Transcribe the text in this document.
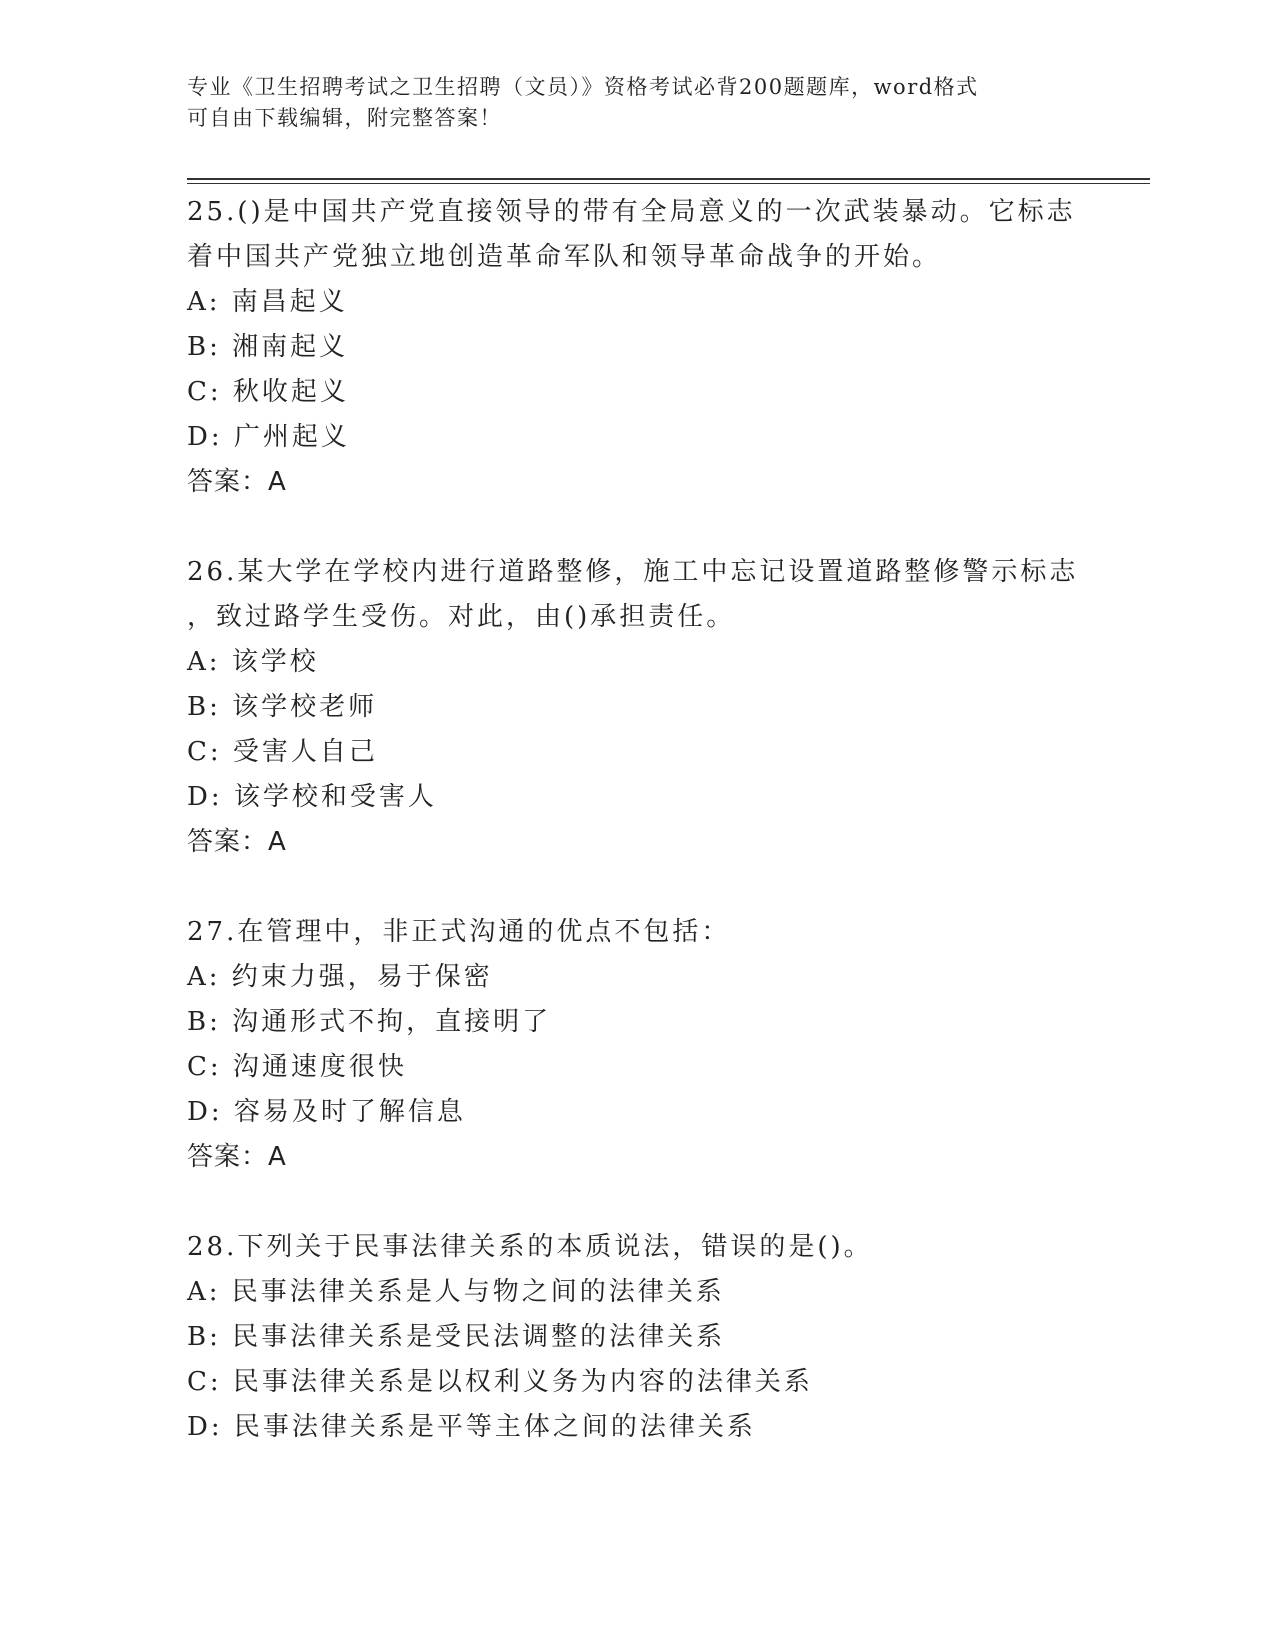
专业《卫生招聘考试之卫生招聘（文员）》资格考试必背200题题库，word格式
可自由下载编辑，附完整答案！
25.()是中国共产党直接领导的带有全局意义的一次武装暴动。它标志
着中国共产党独立地创造革命军队和领导革命战争的开始。
A: 南昌起义
B: 湘南起义
C: 秋收起义
D: 广州起义
答案：A
26.某大学在学校内进行道路整修，施工中忘记设置道路整修警示标志
，致过路学生受伤。对此，由()承担责任。
A: 该学校
B: 该学校老师
C: 受害人自己
D: 该学校和受害人
答案：A
27.在管理中，非正式沟通的优点不包括：
A: 约束力强，易于保密
B: 沟通形式不拘，直接明了
C: 沟通速度很快
D: 容易及时了解信息
答案：A
28.下列关于民事法律关系的本质说法，错误的是()。
A: 民事法律关系是人与物之间的法律关系
B: 民事法律关系是受民法调整的法律关系
C: 民事法律关系是以权利义务为内容的法律关系
D: 民事法律关系是平等主体之间的法律关系
